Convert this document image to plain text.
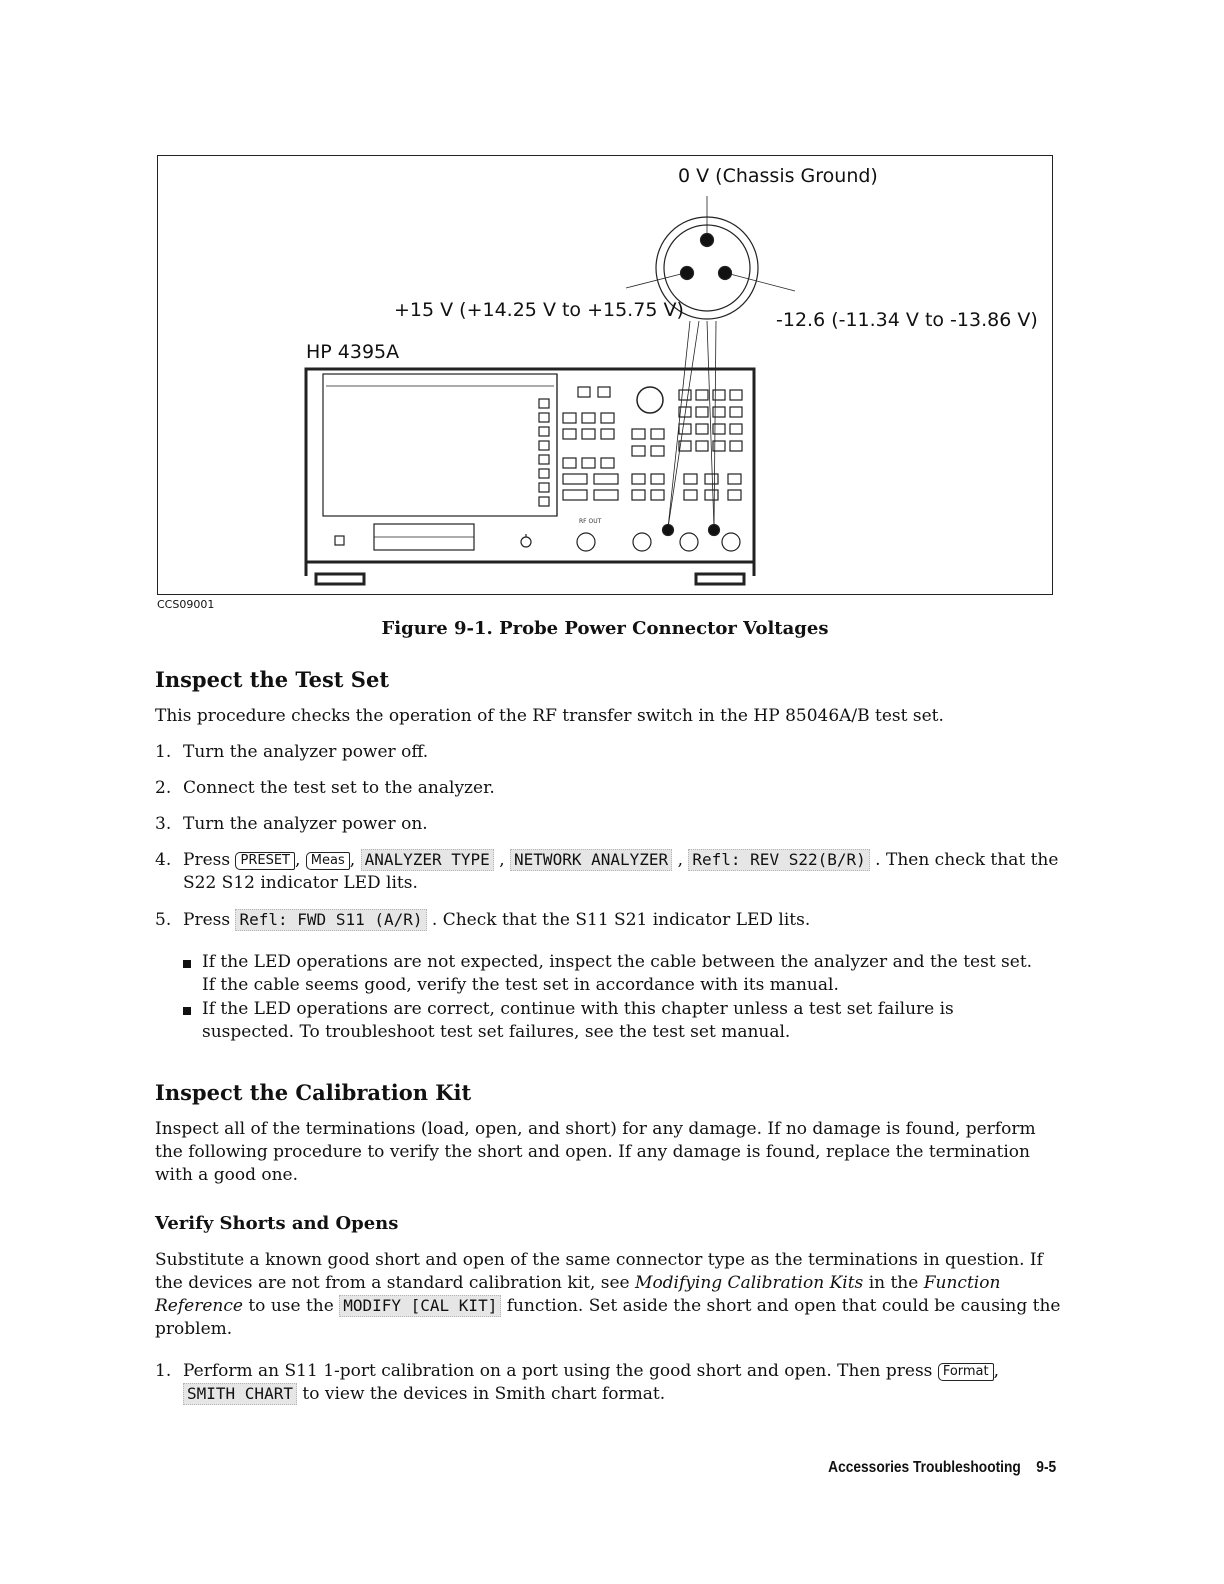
RF OUT
0 V (Chassis Ground)
+15 V (+14.25 V to +15.75 V)	-12.6 (-11.34 V to -13.86 V)
HP 4395A
CCS09001
Figure 9-1. Probe Power Connector Voltages
Inspect the Test Set
This procedure checks the operation of the RF transfer switch in the HP 85046A/B test set.
1. Turn the analyzer power off.
2. Connect the test set to the analyzer.
3. Turn the analyzer power on.
4. Press PRESET , Meas , ANALYZER TYPE , NETWORK ANALYZER , Refl: REV S22(B/R) . Then check that the S22 S12 indicator LED lits.
5. Press Refl: FWD S11 (A/R) . Check that the S11 S21 indicator LED lits.
If the LED operations are not expected, inspect the cable between the analyzer and the test set. If the cable seems good, verify the test set in accordance with its manual.
If the LED operations are correct, continue with this chapter unless a test set failure is suspected. To troubleshoot test set failures, see the test set manual.
Inspect the Calibration Kit
Inspect all of the terminations (load, open, and short) for any damage. If no damage is found, perform the following procedure to verify the short and open. If any damage is found, replace the termination with a good one.
Verify Shorts and Opens
Substitute a known good short and open of the same connector type as the terminations in question. If the devices are not from a standard calibration kit, see Modifying Calibration Kits in the Function Reference to use the MODIFY [CAL KIT] function. Set aside the short and open that could be causing the problem.
1. Perform an S11 1-port calibration on a port using the good short and open. Then press Format , SMITH CHART to view the devices in Smith chart format.
Accessories Troubleshooting 9-5
